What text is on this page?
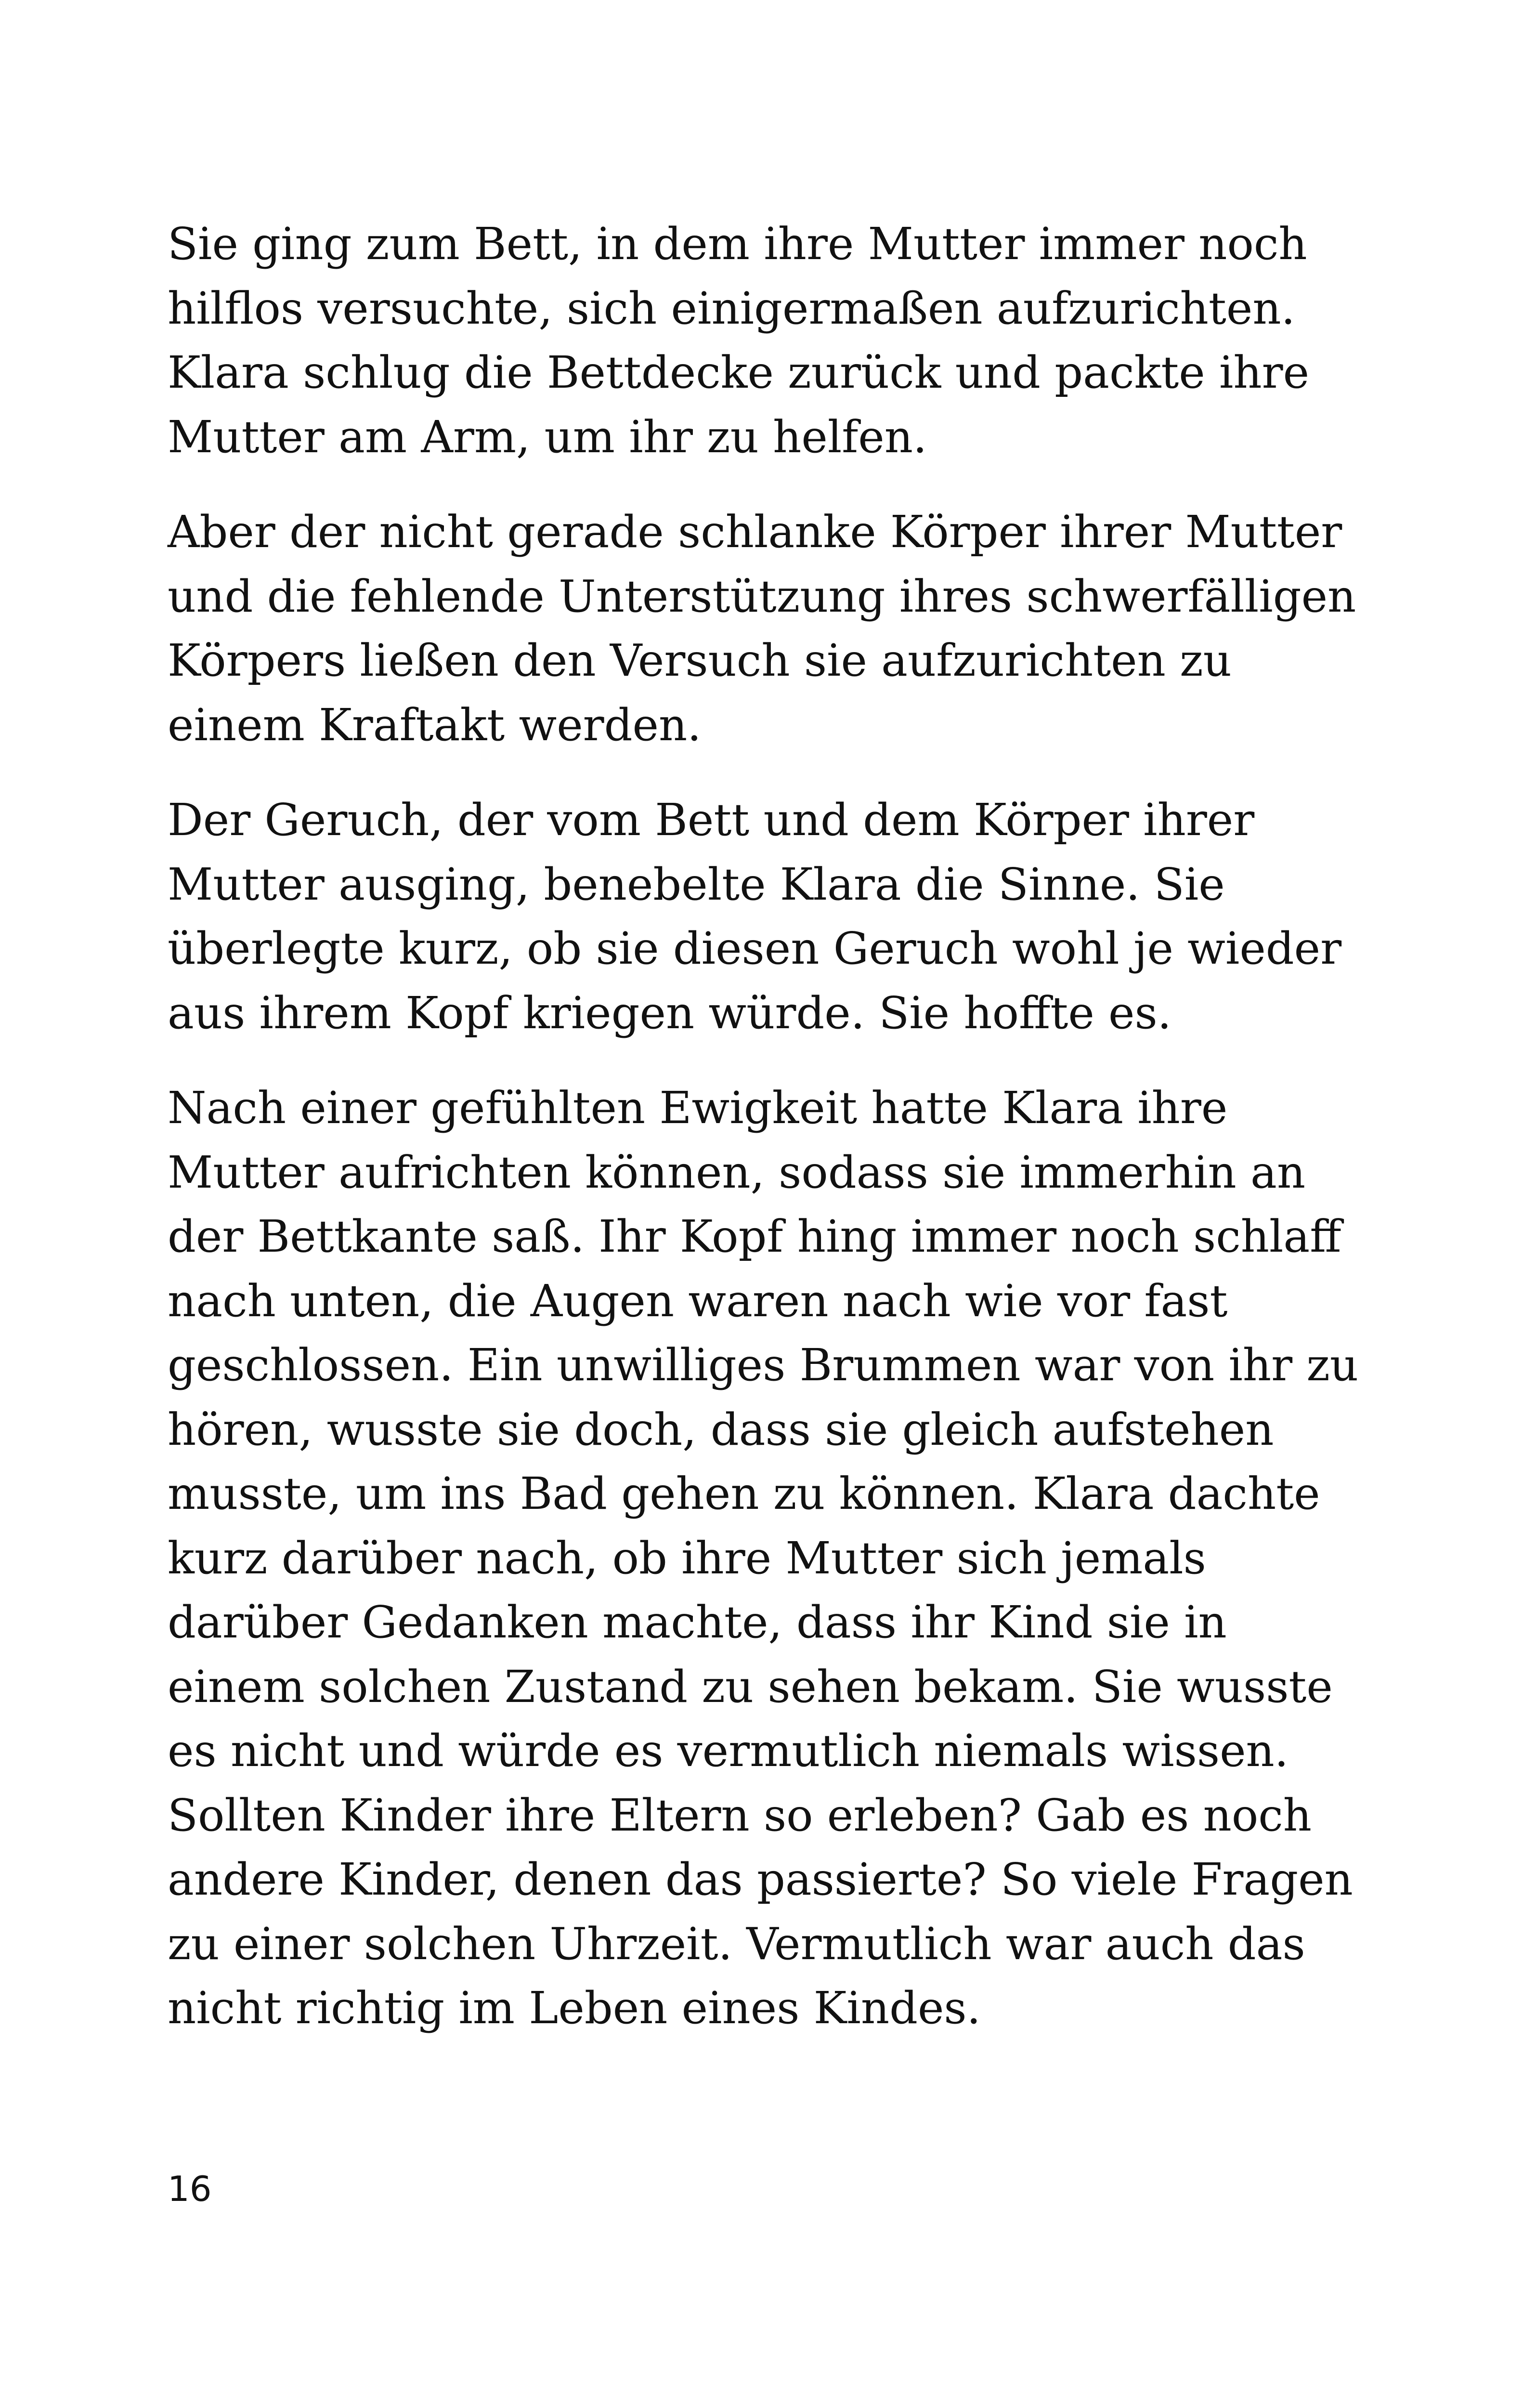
Sie ging zum Bett, in dem ihre Mutter immer noch
hilflos versuchte, sich einigermaßen aufzurichten.
Klara schlug die Bettdecke zurück und packte ihre
Mutter am Arm, um ihr zu helfen.

Aber der nicht gerade schlanke Körper ihrer Mutter
und die fehlende Unterstützung ihres schwerfälligen
Körpers ließen den Versuch sie aufzurichten zu
einem Kraftakt werden.

Der Geruch, der vom Bett und dem Körper ihrer
Mutter ausging, benebelte Klara die Sinne. Sie
überlegte kurz, ob sie diesen Geruch wohl je wieder
aus ihrem Kopf kriegen würde. Sie hoffte es.

Nach einer gefühlten Ewigkeit hatte Klara ihre
Mutter aufrichten können, sodass sie immerhin an
der Bettkante saß. Ihr Kopf hing immer noch schlaff
nach unten, die Augen waren nach wie vor fast
geschlossen. Ein unwilliges Brummen war von ihr zu
hören, wusste sie doch, dass sie gleich aufstehen
musste, um ins Bad gehen zu können. Klara dachte
kurz darüber nach, ob ihre Mutter sich jemals
darüber Gedanken machte, dass ihr Kind sie in
einem solchen Zustand zu sehen bekam. Sie wusste
es nicht und würde es vermutlich niemals wissen.
Sollten Kinder ihre Eltern so erleben? Gab es noch
andere Kinder, denen das passierte? So viele Fragen
zu einer solchen Uhrzeit. Vermutlich war auch das
nicht richtig im Leben eines Kindes.

16
